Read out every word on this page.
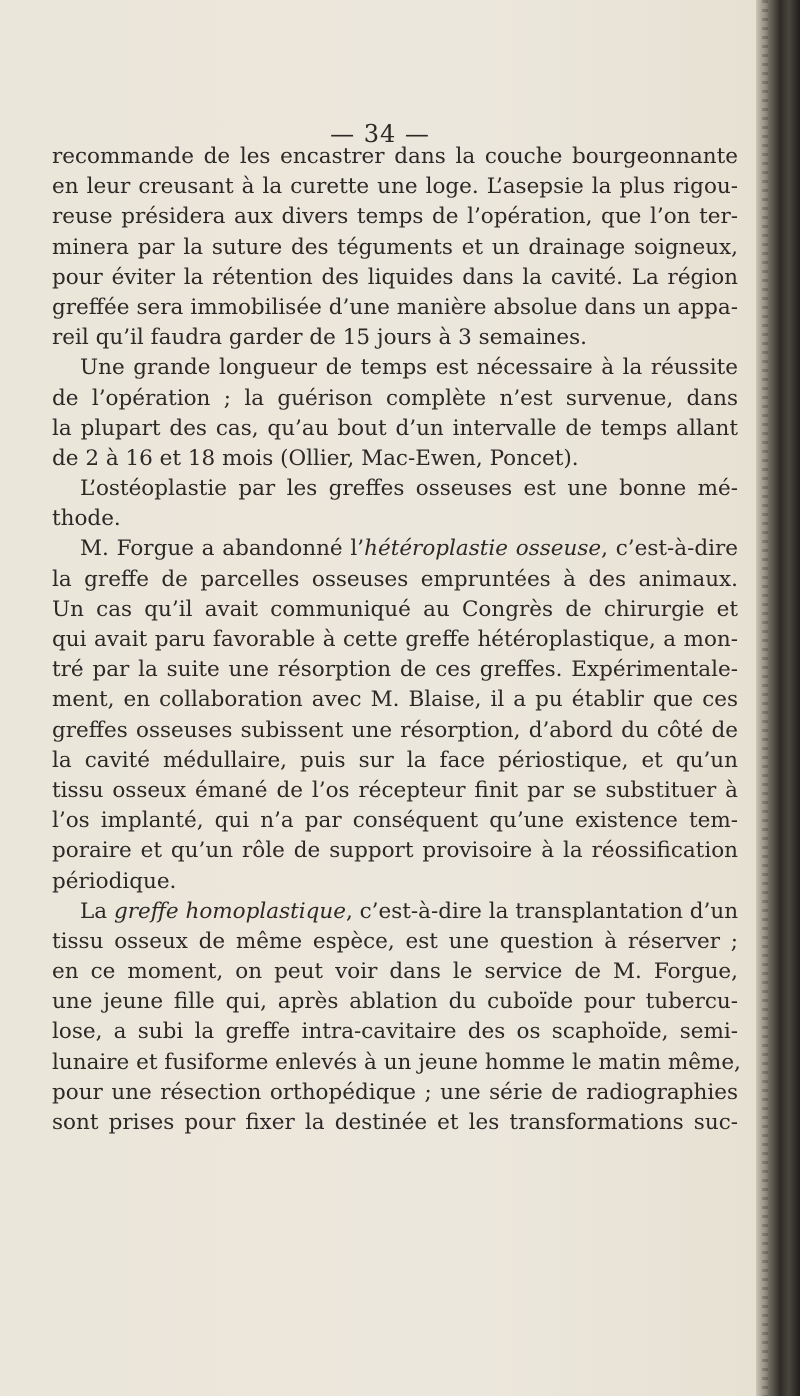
— 34 —
recommande de les encastrer dans la couche bourgeonnante
en leur creusant à la curette une loge. L’asepsie la plus rigou-
reuse présidera aux divers temps de l’opération, que l’on ter-
minera par la suture des téguments et un drainage soigneux,
pour éviter la rétention des liquides dans la cavité. La région
greffée sera immobilisée d’une manière absolue dans un appa-
reil qu’il faudra garder de 15 jours à 3 semaines.
Une grande longueur de temps est nécessaire à la réussite
de l’opération ; la guérison complète n’est survenue, dans
la plupart des cas, qu’au bout d’un intervalle de temps allant
de 2 à 16 et 18 mois (Ollier, Mac-Ewen, Poncet).
L’ostéoplastie par les greffes osseuses est une bonne mé-
thode.
M. Forgue a abandonné l’hétéroplastie osseuse, c’est-à-dire
la greffe de parcelles osseuses empruntées à des animaux.
Un cas qu’il avait communiqué au Congrès de chirurgie et
qui avait paru favorable à cette greffe hétéroplastique, a mon-
tré par la suite une résorption de ces greffes. Expérimentale-
ment, en collaboration avec M. Blaise, il a pu établir que ces
greffes osseuses subissent une résorption, d’abord du côté de
la cavité médullaire, puis sur la face périostique, et qu’un
tissu osseux émané de l’os récepteur finit par se substituer à
l’os implanté, qui n’a par conséquent qu’une existence tem-
poraire et qu’un rôle de support provisoire à la réossification
périodique.
La greffe homoplastique, c’est-à-dire la transplantation d’un
tissu osseux de même espèce, est une question à réserver ;
en ce moment, on peut voir dans le service de M. Forgue,
une jeune fille qui, après ablation du cuboïde pour tubercu-
lose, a subi la greffe intra-cavitaire des os scaphoïde, semi-
lunaire et fusiforme enlevés à un jeune homme le matin même,
pour une résection orthopédique ; une série de radiographies
sont prises pour fixer la destinée et les transformations suc-
